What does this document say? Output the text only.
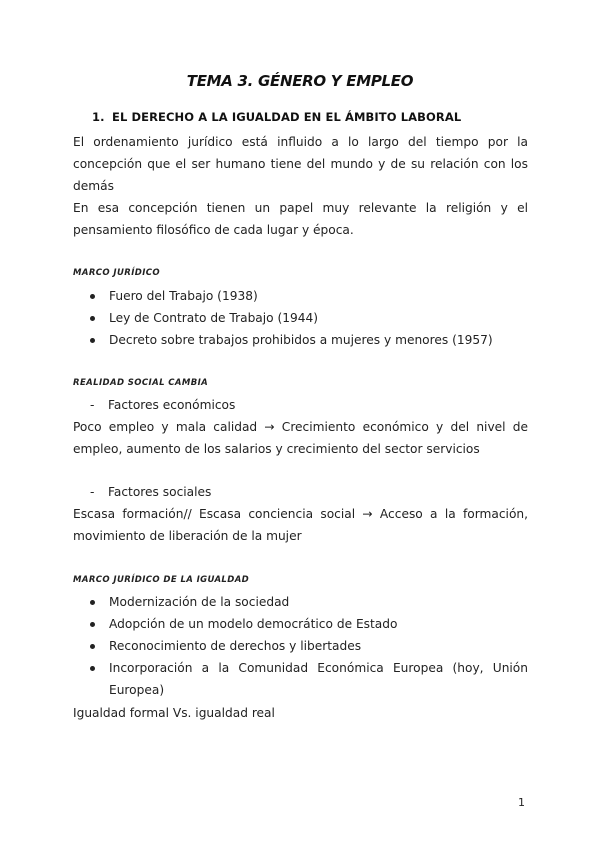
TEMA 3. GÉNERO Y EMPLEO
1. EL DERECHO A LA IGUALDAD EN EL ÁMBITO LABORAL
El ordenamiento jurídico está influido a lo largo del tiempo por la concepción que el ser humano tiene del mundo y de su relación con los demás
En esa concepción tienen un papel muy relevante la religión y el pensamiento filosófico de cada lugar y época.
MARCO JURÍDICO
Fuero del Trabajo (1938)
Ley de Contrato de Trabajo (1944)
Decreto sobre trabajos prohibidos a mujeres y menores (1957)
REALIDAD SOCIAL CAMBIA
- Factores económicos
Poco empleo y mala calidad → Crecimiento económico y del nivel de empleo, aumento de los salarios y crecimiento del sector servicios
- Factores sociales
Escasa formación// Escasa conciencia social → Acceso a la formación, movimiento de liberación de la mujer
MARCO JURÍDICO DE LA IGUALDAD
Modernización de la sociedad
Adopción de un modelo democrático de Estado
Reconocimiento de derechos y libertades
Incorporación a la Comunidad Económica Europea (hoy, Unión Europea)
Igualdad formal Vs. igualdad real
1
